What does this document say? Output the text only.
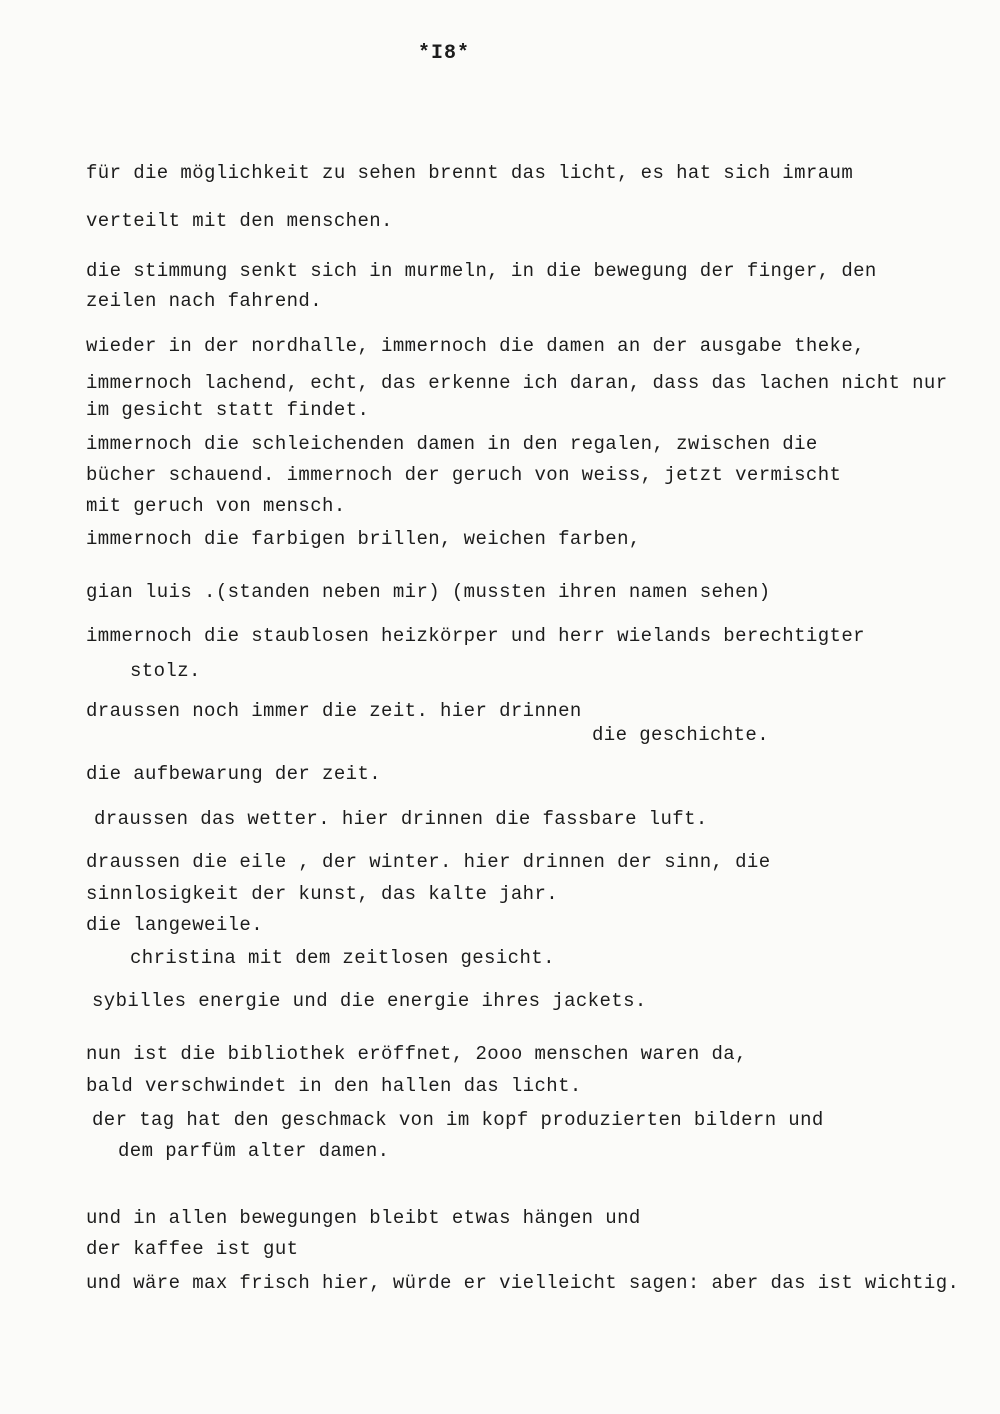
*I8*
für die möglichkeit zu sehen brennt das licht, es hat sich imraum
verteilt mit den menschen.
die stimmung senkt sich in murmeln, in die bewegung der finger, den
zeilen nach fahrend.
wieder in der nordhalle, immernoch die damen an der ausgabe theke,
immernoch lachend, echt, das erkenne ich daran, dass das lachen nicht nur
im gesicht statt findet.
immernoch die schleichenden damen in den regalen, zwischen die
bücher schauend. immernoch der geruch von weiss, jetzt vermischt
mit geruch von mensch.
immernoch die farbigen brillen, weichen farben,
gian luis .(standen neben mir) (mussten ihren namen sehen)
immernoch die staublosen heizkörper und herr wielands berechtigter
stolz.
draussen noch immer die zeit. hier drinnen
die geschichte.
die aufbewarung der zeit.
draussen das wetter. hier drinnen die fassbare luft.
draussen die eile , der winter. hier drinnen der sinn, die
sinnlosigkeit der kunst, das kalte jahr.
die langeweile.
christina mit dem zeitlosen gesicht.
sybilles energie und die energie ihres jackets.
nun ist die bibliothek eröffnet, 2ooo menschen waren da,
bald verschwindet in den hallen das licht.
der tag hat den geschmack von im kopf produzierten bildern und
dem parfüm alter damen.
und in allen bewegungen bleibt etwas hängen und
der kaffee ist gut
und wäre max frisch hier, würde er vielleicht sagen: aber das ist wichtig.
